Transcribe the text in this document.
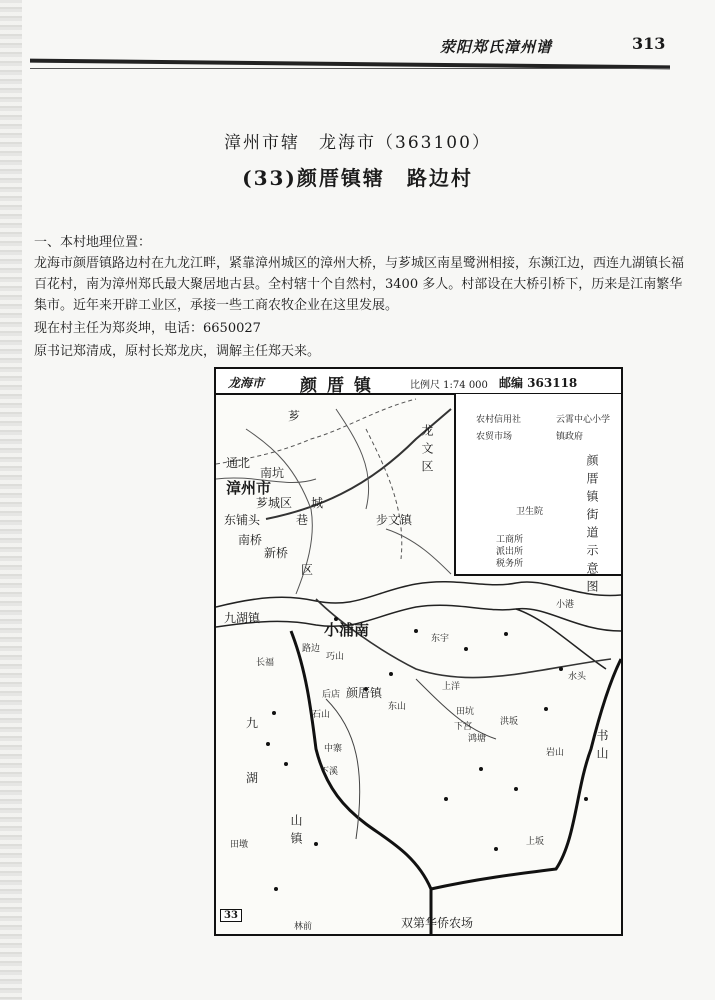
荥阳郑氏漳州谱	313
漳州市辖　龙海市（363100）
(33)颜厝镇辖　路边村
一、本村地理位置：
龙海市颜厝镇路边村在九龙江畔，紧靠漳州城区的漳州大桥，与芗城区南星鹭洲相接，东濒江边，西连九湖镇长福百花村，南为漳州郑氏最大聚居地古县。全村辖十个自然村，3400 多人。村部设在大桥引桥下，历来是江南繁华集市。近年来开辟工业区，承接一些工商农牧企业在这里发展。
现在村主任为郑炎坤，电话：6650027
原书记郑清成，原村长郑龙庆，调解主任郑天来。
龙海市 颜厝镇	比例尺 1:74 000 邮编 363118
农村信用社	云霄中心小学
农贸市场	镇政府
工商所
派出所
税务所
卫生院	颜厝镇街道示意图
通北
南坑
漳州市
芗城区 城
巷
东铺头	步文镇
南桥
新桥
区
龙文区
芗
九湖镇
小浦南
颜厝镇	上洋
长福
路边
巧山
后店
东山
下宫	洪坂
石山	田坑
水头
鸿塘
九
湖
书山
双第华侨农场
林前
小港
东宇
山镇
田墩
下溪
中寨
上坂
岩山
33
